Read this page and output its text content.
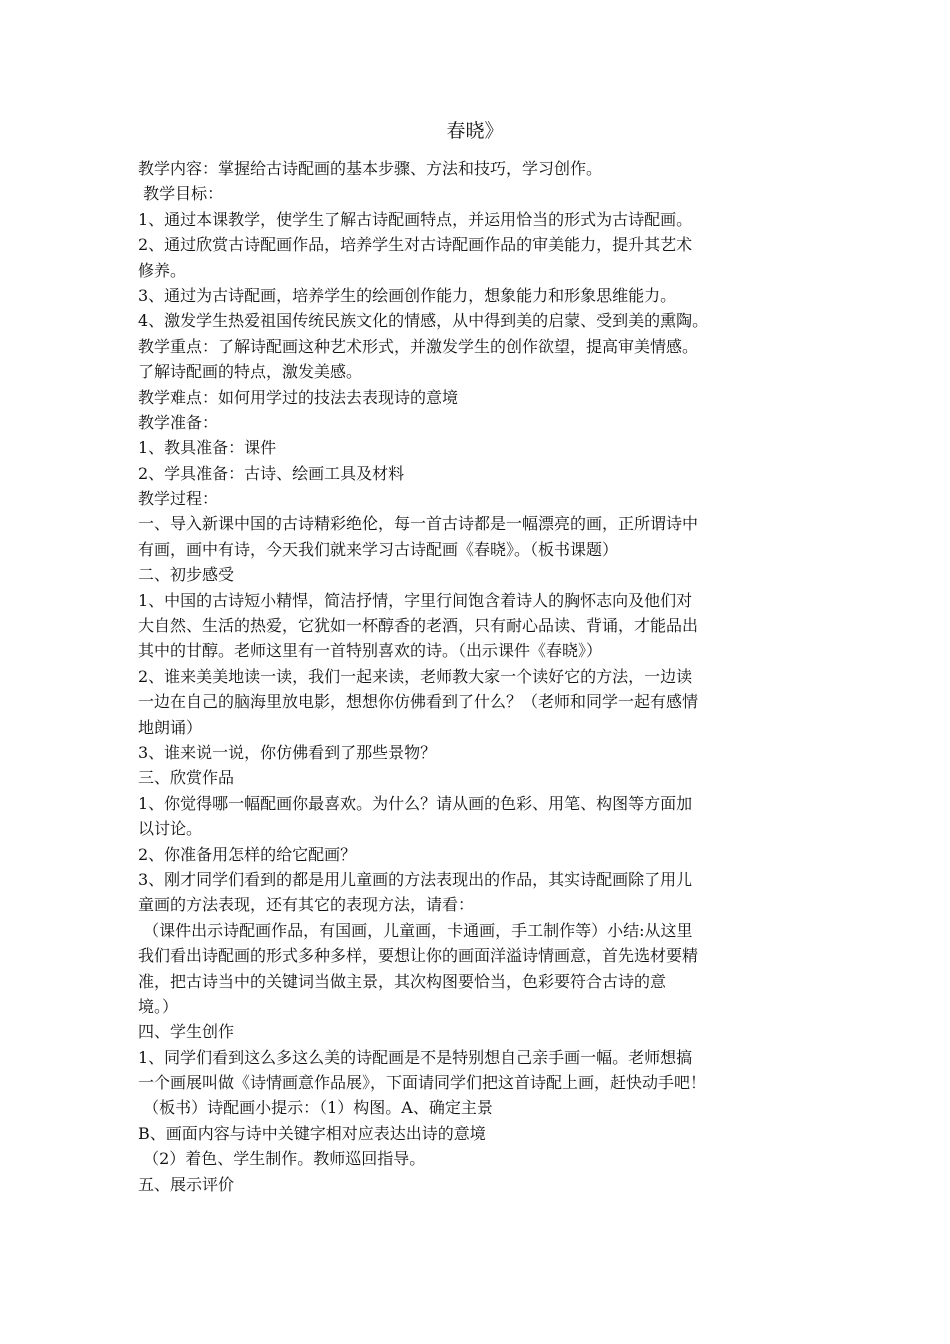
春晓》
教学内容：掌握给古诗配画的基本步骤、方法和技巧，学习创作。
教学目标：
1、通过本课教学，使学生了解古诗配画特点，并运用恰当的形式为古诗配画。
2、通过欣赏古诗配画作品，培养学生对古诗配画作品的审美能力，提升其艺术
修养。
3、通过为古诗配画，培养学生的绘画创作能力，想象能力和形象思维能力。
4、激发学生热爱祖国传统民族文化的情感，从中得到美的启蒙、受到美的熏陶。
教学重点：了解诗配画这种艺术形式，并激发学生的创作欲望，提高审美情感。
了解诗配画的特点，激发美感。
教学难点：如何用学过的技法去表现诗的意境
教学准备：
1、教具准备：课件
2、学具准备：古诗、绘画工具及材料
教学过程：
一、导入新课中国的古诗精彩绝伦，每一首古诗都是一幅漂亮的画，正所谓诗中
有画，画中有诗，今天我们就来学习古诗配画《春晓》。（板书课题）
二、初步感受
1、中国的古诗短小精悍，简洁抒情，字里行间饱含着诗人的胸怀志向及他们对
大自然、生活的热爱，它犹如一杯醇香的老酒，只有耐心品读、背诵，才能品出
其中的甘醇。老师这里有一首特别喜欢的诗。（出示课件《春晓》）
2、谁来美美地读一读，我们一起来读，老师教大家一个读好它的方法，一边读
一边在自己的脑海里放电影，想想你仿佛看到了什么？（老师和同学一起有感情
地朗诵）
3、谁来说一说，你仿佛看到了那些景物？
三、欣赏作品
1、你觉得哪一幅配画你最喜欢。为什么？请从画的色彩、用笔、构图等方面加
以讨论。
2、你准备用怎样的给它配画？
3、刚才同学们看到的都是用儿童画的方法表现出的作品，其实诗配画除了用儿
童画的方法表现，还有其它的表现方法，请看：
（课件出示诗配画作品，有国画，儿童画，卡通画，手工制作等）小结:从这里
我们看出诗配画的形式多种多样，要想让你的画面洋溢诗情画意，首先选材要精
准，把古诗当中的关键词当做主景，其次构图要恰当，色彩要符合古诗的意
境。）
四、学生创作
1、同学们看到这么多这么美的诗配画是不是特别想自己亲手画一幅。老师想搞
一个画展叫做《诗情画意作品展》，下面请同学们把这首诗配上画，赶快动手吧！
（板书）诗配画小提示：（1）构图。A、确定主景
B、画面内容与诗中关键字相对应表达出诗的意境
（2）着色、学生制作。教师巡回指导。
五、展示评价
